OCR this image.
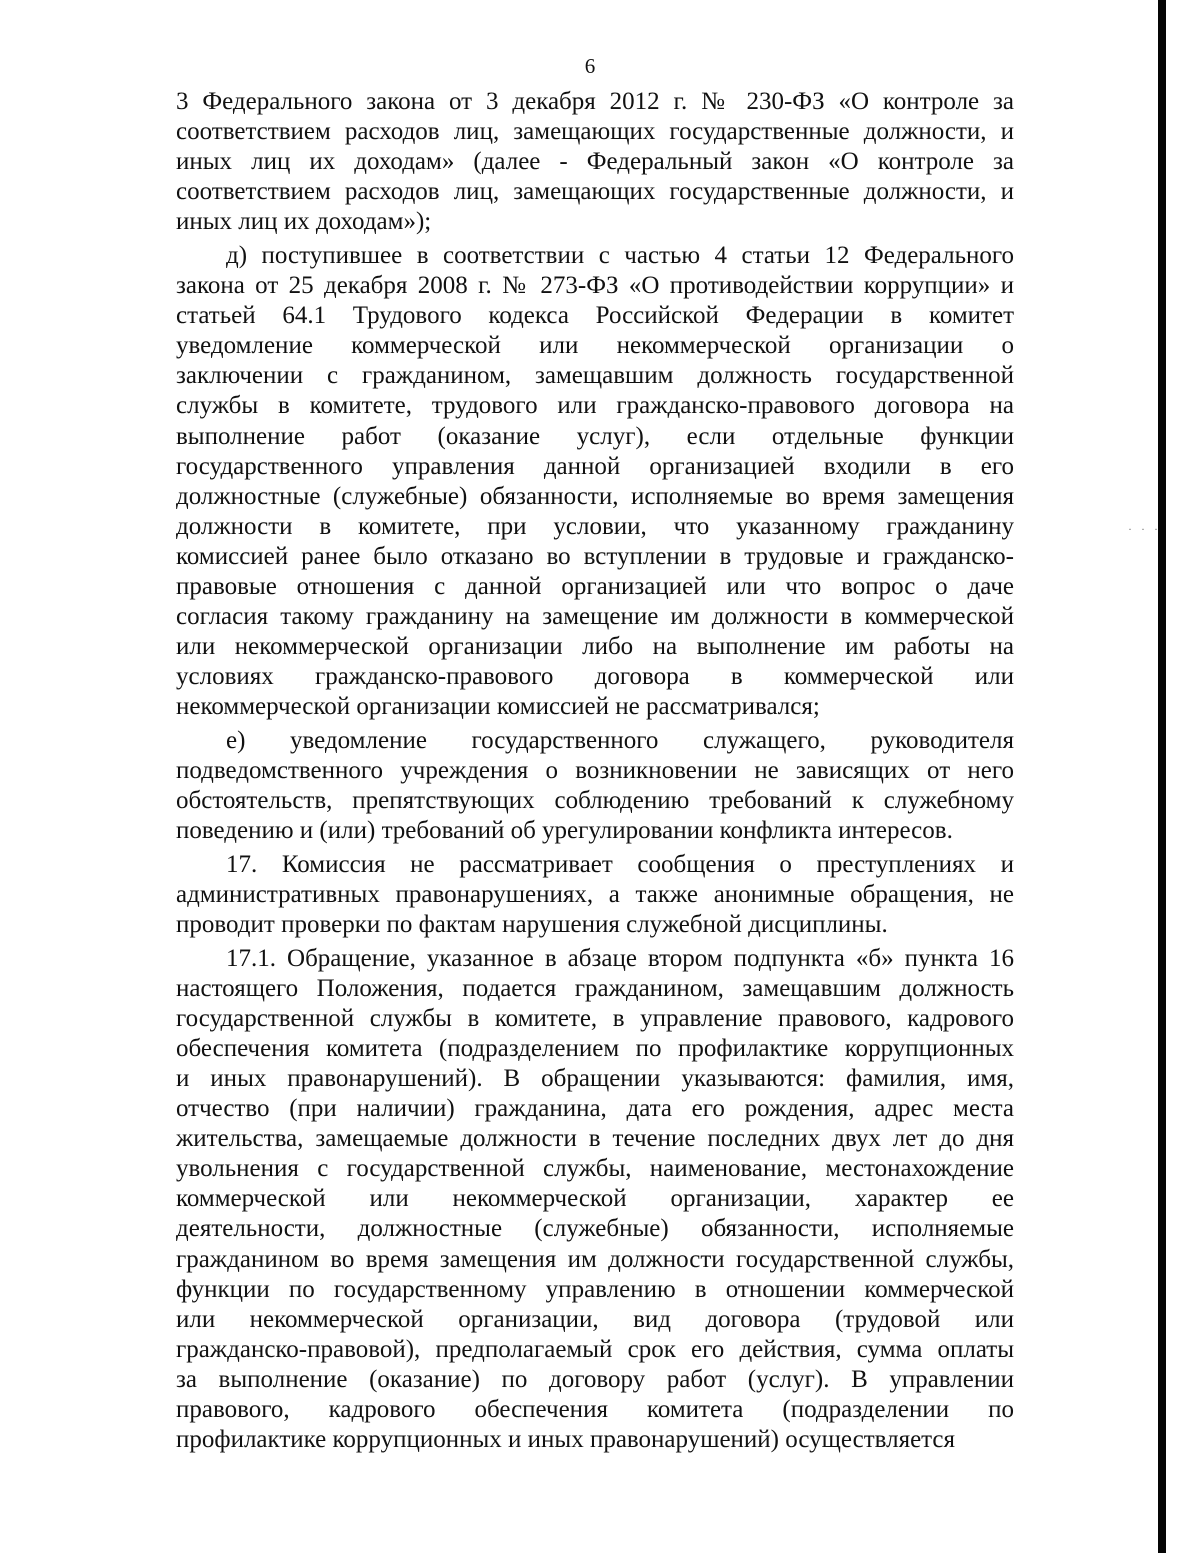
· · ·
6

3 Федерального закона от 3 декабря 2012 г. № 230-ФЗ «О контроле за
соответствием расходов лиц, замещающих государственные должности, и
иных лиц их доходам» (далее - Федеральный закон «О контроле за
соответствием расходов лиц, замещающих государственные должности, и
иных лиц их доходам»);

д) поступившее в соответствии с частью 4 статьи 12 Федерального
закона от 25 декабря 2008 г. № 273-ФЗ «О противодействии коррупции» и
статьей 64.1 Трудового кодекса Российской Федерации в комитет
уведомление коммерческой или некоммерческой организации о
заключении с гражданином, замещавшим должность государственной
службы в комитете, трудового или гражданско-правового договора на
выполнение работ (оказание услуг), если отдельные функции
государственного управления данной организацией входили в его
должностные (служебные) обязанности, исполняемые во время замещения
должности в комитете, при условии, что указанному гражданину
комиссией ранее было отказано во вступлении в трудовые и гражданско-
правовые отношения с данной организацией или что вопрос о даче
согласия такому гражданину на замещение им должности в коммерческой
или некоммерческой организации либо на выполнение им работы на
условиях гражданско-правового договора в коммерческой или
некоммерческой организации комиссией не рассматривался;

е) уведомление государственного служащего, руководителя
подведомственного учреждения о возникновении не зависящих от него
обстоятельств, препятствующих соблюдению требований к служебному
поведению и (или) требований об урегулировании конфликта интересов.

17. Комиссия не рассматривает сообщения о преступлениях и
административных правонарушениях, а также анонимные обращения, не
проводит проверки по фактам нарушения служебной дисциплины.

17.1. Обращение, указанное в абзаце втором подпункта «б» пункта 16
настоящего Положения, подается гражданином, замещавшим должность
государственной службы в комитете, в управление правового, кадрового
обеспечения комитета (подразделением по профилактике коррупционных
и иных правонарушений). В обращении указываются: фамилия, имя,
отчество (при наличии) гражданина, дата его рождения, адрес места
жительства, замещаемые должности в течение последних двух лет до дня
увольнения с государственной службы, наименование, местонахождение
коммерческой или некоммерческой организации, характер ее
деятельности, должностные (служебные) обязанности, исполняемые
гражданином во время замещения им должности государственной службы,
функции по государственному управлению в отношении коммерческой
или некоммерческой организации, вид договора (трудовой или
гражданско-правовой), предполагаемый срок его действия, сумма оплаты
за выполнение (оказание) по договору работ (услуг). В управлении
правового, кадрового обеспечения комитета (подразделении по
профилактике коррупционных и иных правонарушений) осуществляется
